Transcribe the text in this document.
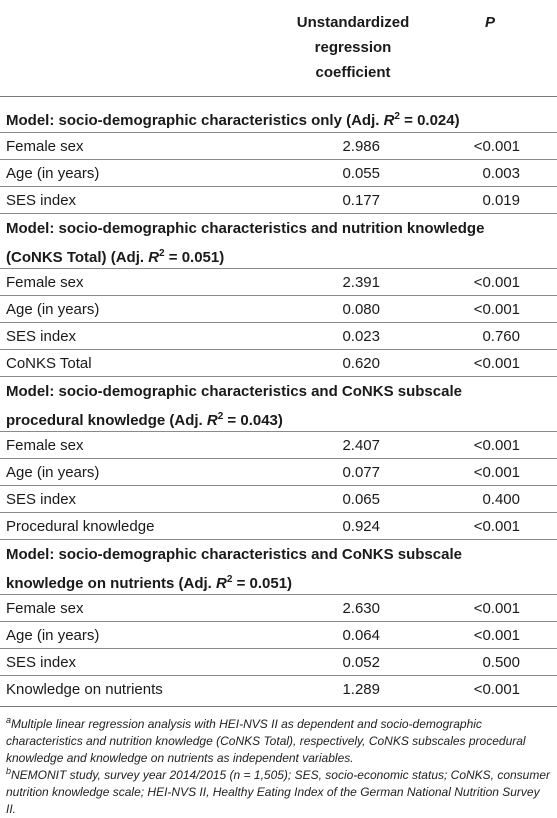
Unstandardized
regression
coefficient
P
Model: socio-demographic characteristics only (Adj. $R^2 = 0.024$)
Female sex	2.986	<0.001
Age (in years)	0.055	0.003
SES index	0.177	0.019
Model: socio-demographic characteristics and nutrition knowledge
(CoNKS Total) (Adj. $R^2 = 0.051$)
Female sex	2.391	<0.001
Age (in years)	0.080	<0.001
SES index	0.023	0.760
CoNKS Total	0.620	<0.001
Model: socio-demographic characteristics and CoNKS subscale
procedural knowledge (Adj. $R^2 = 0.043$)
Female sex	2.407	<0.001
Age (in years)	0.077	<0.001
SES index	0.065	0.400
Procedural knowledge	0.924	<0.001
Model: socio-demographic characteristics and CoNKS subscale
knowledge on nutrients (Adj. $R^2 = 0.051$)
Female sex	2.630	<0.001
Age (in years)	0.064	<0.001
SES index	0.052	0.500
Knowledge on nutrients	1.289	<0.001
$^a$Multiple linear regression analysis with HEI-NVS II as dependent and socio-demographic characteristics and nutrition knowledge (CoNKS Total), respectively, CoNKS subscales procedural knowledge and knowledge on nutrients as independent variables.
$^b$NEMONIT study, survey year 2014/2015 (n = 1,505); SES, socio-economic status; CoNKS, consumer nutrition knowledge scale; HEI-NVS II, Healthy Eating Index of the German National Nutrition Survey II.
